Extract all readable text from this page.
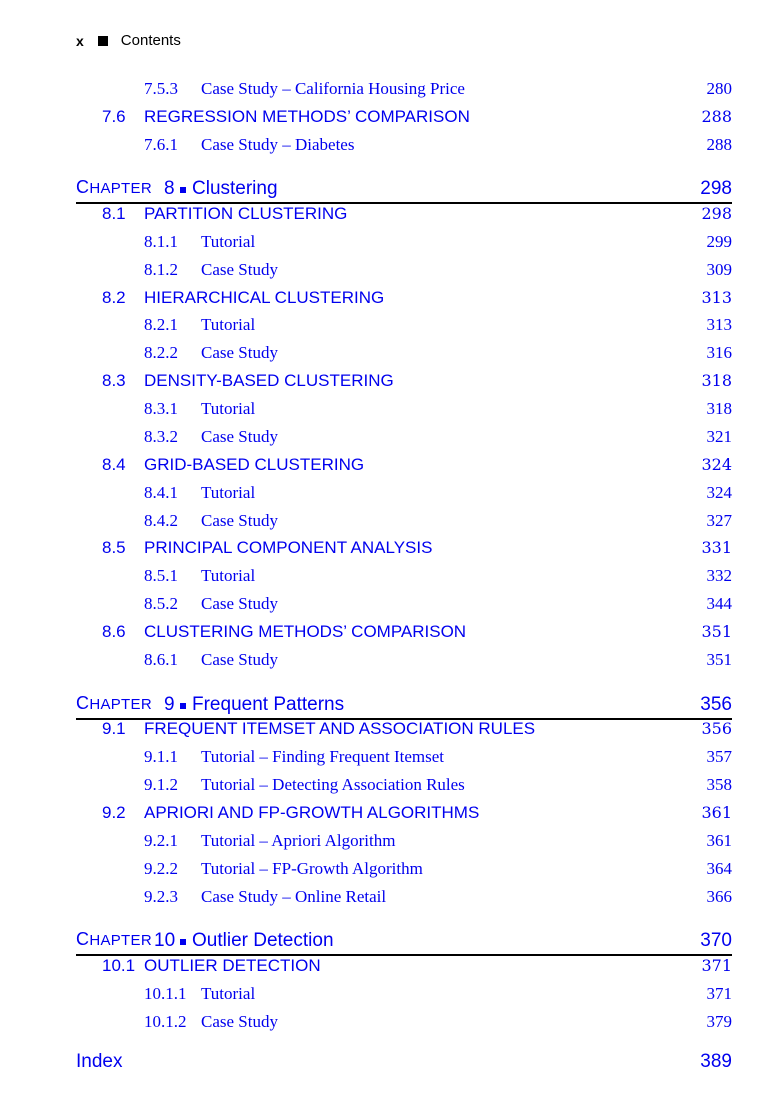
x Contents
7.5.3 Case Study – California Housing Price	280
7.6 REGRESSION METHODS’ COMPARISON	288
7.6.1 Case Study – Diabetes	288
CHAPTER 8 Clustering	298
8.1 PARTITION CLUSTERING	298
8.1.1 Tutorial	299
8.1.2 Case Study	309
8.2 HIERARCHICAL CLUSTERING	313
8.2.1 Tutorial	313
8.2.2 Case Study	316
8.3 DENSITY-BASED CLUSTERING	318
8.3.1 Tutorial	318
8.3.2 Case Study	321
8.4 GRID-BASED CLUSTERING	324
8.4.1 Tutorial	324
8.4.2 Case Study	327
8.5 PRINCIPAL COMPONENT ANALYSIS	331
8.5.1 Tutorial	332
8.5.2 Case Study	344
8.6 CLUSTERING METHODS’ COMPARISON	351
8.6.1 Case Study	351
CHAPTER 9 Frequent Patterns	356
9.1 FREQUENT ITEMSET AND ASSOCIATION RULES	356
9.1.1 Tutorial – Finding Frequent Itemset	357
9.1.2 Tutorial – Detecting Association Rules	358
9.2 APRIORI AND FP-GROWTH ALGORITHMS	361
9.2.1 Tutorial – Apriori Algorithm	361
9.2.2 Tutorial – FP-Growth Algorithm	364
9.2.3 Case Study – Online Retail	366
CHAPTER 10 Outlier Detection	370
10.1 OUTLIER DETECTION	371
10.1.1 Tutorial	371
10.1.2 Case Study	379
Index	389
